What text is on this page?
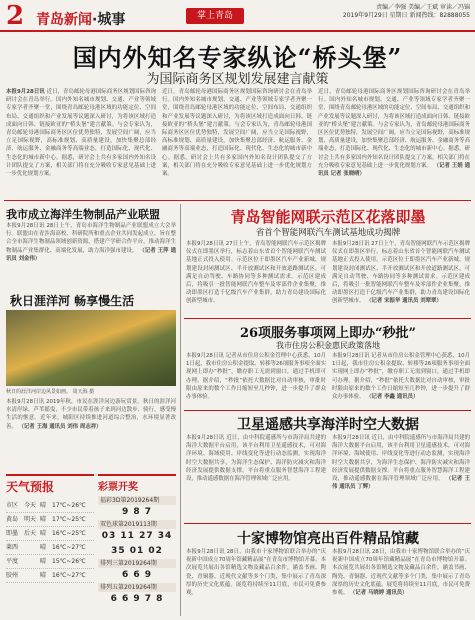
2 青岛新闻·城事	掌上青岛
责编／李强 美编／王斌 审读／冯锦
2019年9月29日 星期日 新闻热线：82888055
国内外知名专家纵论“桥头堡”
为国际商务区规划发展建言献策
本报9月28日讯 近日，青岛邮轮母港国际商务区规划国际咨询研讨会在青岛举行。国内外知名城市规划、交通、产业等领域专家学者齐聚一堂，围绕青岛邮轮母港区域的功能定位、空间布局、交通组织和产业发展等议题深入研讨，为将该区域打造成面向日韩、链接欧亚的“桥头堡”建言献策。与会专家认为，青岛邮轮母港国际商务区区位优势独特，发展空间广阔，应当立足国际视野，高标准规划、高质量建设，加快集聚总部经济、航运服务、金融商务等高端业态，打造国际化、现代化、生态化的城市新中心。据悉，研讨会上共有多家国内外知名设计团队提交了方案，相关部门将在充分吸收专家意见基础上进一步优化规划方案。
近日，青岛邮轮母港国际商务区规划国际咨询研讨会在青岛举行。国内外知名城市规划、交通、产业等领域专家学者齐聚一堂，围绕青岛邮轮母港区域的功能定位、空间布局、交通组织和产业发展等议题深入研讨，为将该区域打造成面向日韩、链接欧亚的“桥头堡”建言献策。与会专家认为，青岛邮轮母港国际商务区区位优势独特，发展空间广阔，应当立足国际视野，高标准规划、高质量建设，加快集聚总部经济、航运服务、金融商务等高端业态，打造国际化、现代化、生态化的城市新中心。据悉，研讨会上共有多家国内外知名设计团队提交了方案，相关部门将在充分吸收专家意见基础上进一步优化规划方案。
近日，青岛邮轮母港国际商务区规划国际咨询研讨会在青岛举行。国内外知名城市规划、交通、产业等领域专家学者齐聚一堂，围绕青岛邮轮母港区域的功能定位、空间布局、交通组织和产业发展等议题深入研讨，为将该区域打造成面向日韩、链接欧亚的“桥头堡”建言献策。与会专家认为，青岛邮轮母港国际商务区区位优势独特，发展空间广阔，应当立足国际视野，高标准规划、高质量建设，加快集聚总部经济、航运服务、金融商务等高端业态，打造国际化、现代化、生态化的城市新中心。据悉，研讨会上共有多家国内外知名设计团队提交了方案，相关部门将在充分吸收专家意见基础上进一步优化规划方案。 （记者 王娟 通讯员 记者 张晓晴）
我市成立海洋生物制品产业联盟
本报9月28日讯 28日上午，青岛市海洋生物制品产业联盟成立大会举行。联盟由在青涉海高校、科研院所和重点企业共同发起成立，旨在整合全市海洋生物制品领域创新资源，搭建产学研合作平台，推动海洋生物制品产业集群化、高端化发展，助力海洋强市建设。 （记者 王萍 通讯员 刘金伟）
秋日涯洋河 畅享慢生活
秋日的涯洋河岸边风景如画。 周天海 摄
本报9月28日讯 2019年秋，市民在涯洋河边游玩赏景。秋日的涯洋河水清岸绿，芦苇摇曳，不少市民带着孩子来到河边散步、骑行，感受慢生活的惬意。近年来，城阳区持续推进河道综合整治，水环境显著改善。 （记者 王海 通讯员 刘伟 周志祥）
天气预报
市区 今天 晴 17℃~26℃
黄岛 明天 晴 17℃~25℃
即墨 后天 晴 16℃~25℃
莱西	晴 16℃~27℃
平度	晴 15℃~26℃
胶州	晴 16℃~27℃
彩票开奖
福彩3D第2019264期
9 8 7
双色球第2019113期
03 11 27 34 35 01 02
排列三第2019264期
6 6 9
排列五第2019264期
6 6 9 7 8
青岛智能网联示范区花落即墨
省首个智能网联汽车测试基地成功揭牌
本报9月28日讯 27日上午，青岛智能网联汽车示范区揭牌仪式在即墨区举行，标志着山东省首个智能网联汽车测试基地正式投入使用。示范区位于即墨区汽车产业新城，规划建设封闭测试区、半开放测试区和开放道路测试区，可满足自动驾驶、车路协同等多种测试需求。示范区建成后，将吸引一批智能网联汽车整车及零部件企业集聚，推动即墨区打造千亿级汽车产业集群，助力青岛建设国际化创新型城市。
本报9月28日讯 27日上午，青岛智能网联汽车示范区揭牌仪式在即墨区举行，标志着山东省首个智能网联汽车测试基地正式投入使用。示范区位于即墨区汽车产业新城，规划建设封闭测试区、半开放测试区和开放道路测试区，可满足自动驾驶、车路协同等多种测试需求。示范区建成后，将吸引一批智能网联汽车整车及零部件企业集聚，推动即墨区打造千亿级汽车产业集群，助力青岛建设国际化创新型城市。 （记者 宋振华 通讯员 刘翠翠）
26项服务事项网上即办“秒批”
我市住房公积金惠民政策落地
本报9月28日讯 记者从市住房公积金管理中心获悉，10月1日起，我市住房公积金提取、转移等26项服务事项全面实现网上即办“秒批”，缴存职工无需到窗口，通过手机即可办理。据介绍，“秒批”依托大数据比对自动审核，审批时限由原来的数个工作日缩短至几秒钟，进一步提升了群众办事体验。
本报9月28日讯 记者从市住房公积金管理中心获悉，10月1日起，我市住房公积金提取、转移等26项服务事项全面实现网上即办“秒批”，缴存职工无需到窗口，通过手机即可办理。据介绍，“秒批”依托大数据比对自动审核，审批时限由原来的数个工作日缩短至几秒钟，进一步提升了群众办事体验。 （记者 李鑫 通讯员）
卫星遥感共享海洋时空大数据
本报9月28日讯 近日，由中科院遥感所与市海洋局共建的海洋大数据平台启用，该平台利用卫星遥感技术，可对海洋环境、海域使用、岸线变化等进行动态监测，实现海洋时空大数据共享，为海洋生态保护、海洋防灾减灾和海洋经济发展提供数据支撑。平台将重点服务智慧海洋工程建设，推动遥感数据在海洋管理领域广泛应用。
本报9月28日讯 近日，由中科院遥感所与市海洋局共建的海洋大数据平台启用，该平台利用卫星遥感技术，可对海洋环境、海域使用、岸线变化等进行动态监测，实现海洋时空大数据共享，为海洋生态保护、海洋防灾减灾和海洋经济发展提供数据支撑。平台将重点服务智慧海洋工程建设，推动遥感数据在海洋管理领域广泛应用。 （记者 王伟 通讯员 丁辉）
十家博物馆亮出百件精品馆藏
本报9月28日讯 28日，由我市十家博物馆联合举办的“庆祝新中国成立70周年馆藏精品展”在青岛市博物馆开幕。本次展览共展出各馆精选文物及藏品百余件，涵盖书画、陶瓷、青铜器、近现代文献等多个门类，集中展示了青岛深厚的历史文化底蕴。展览将持续至11月底，市民可免费参观。
本报9月28日讯 28日，由我市十家博物馆联合举办的“庆祝新中国成立70周年馆藏精品展”在青岛市博物馆开幕。本次展览共展出各馆精选文物及藏品百余件，涵盖书画、陶瓷、青铜器、近现代文献等多个门类，集中展示了青岛深厚的历史文化底蕴。展览将持续至11月底，市民可免费参观。 （记者 马晓婷 通讯员）
